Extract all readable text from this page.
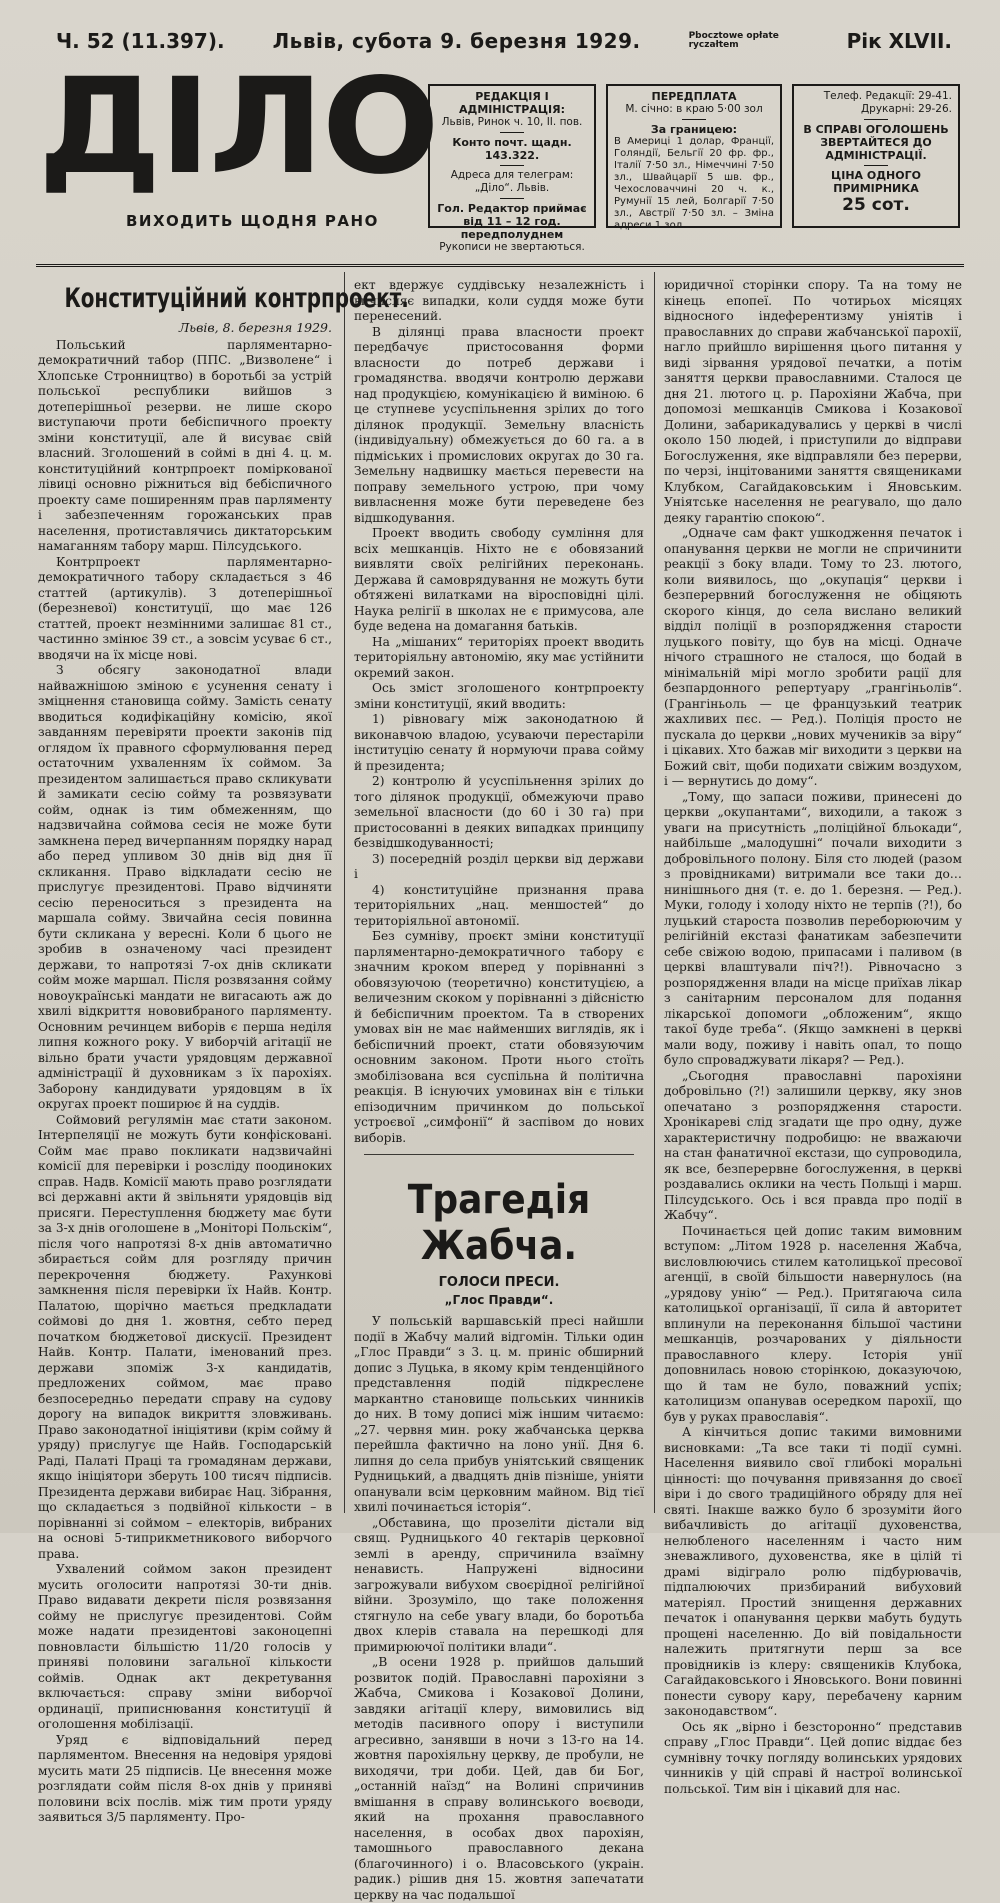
Ч. 52 (11.397). Львів, субота 9. березня 1929.	Pbocztowe opłate ryczałtem	Рік XLVII.
ДІЛО
ВИХОДИТЬ ЩОДНЯ РАНО
РЕДАКЦІЯ І АДМІНІСТРАЦІЯ:
Львів, Ринок ч. 10, II. пов.
Конто почт. щадн. 143.322.
Адреса для телеграм: „Діло“. Львів.
Гол. Редактор приймає від 11 – 12 год. передполуднем
Рукописи не звертаються.
ПЕРЕДПЛАТА
М. січно: в краю 5·00 зол
За границею:
В Америці 1 долар, Франції, Голяндії, Бельгії 20 фр. фр., Італії 7·50 зл., Німеччині 7·50 зл., Швайцарії 5 шв. фр., Чехословаччині 20 ч. к., Румунії 15 лей, Болгарії 7·50 зл., Австрії 7·50 зл. – Зміна адреси 1 зол.
Телеф. Редакції: 29-41.
Друкарні: 29-26.
В СПРАВІ ОГОЛОШЕНЬ ЗВЕРТАЙТЕСЯ ДО АДМІНІСТРАЦІЇ.
ЦІНА ОДНОГО ПРИМІРНИКА
25 сот.
Конституційний контрпроект.
Львів, 8. березня 1929.

Польський парляментарно-демократичний табор (ППС. „Визволене“ і Хлопське Стронництво) в боротьбі за устрій польської республики вийшов з дотеперішньої резерви. не лише скоро виступаючи проти бебіспичного проекту зміни конституції, але й висуває свій власний. Зголошений в соймі в дні 4. ц. м. конституційний контрпроект поміркованої лівиці основно ріжниться від бебіспичного проекту саме поширенням прав парляменту і забезпеченням горожанських прав населення, протиставлячись диктаторським намаганням табору марш. Пілсудського.

Контрпроект парляментарно-демократичного табору складається з 46 статтей (артикулів). З дотеперішньої (березневої) конституції, що має 126 статтей, проект незмінними залишає 81 ст., частинно змінює 39 ст., а зовсім усуває 6 ст., вводячи на їх місце нові.

З обсягу законодатної влади найважнішою зміною є усунення сенату і зміцнення становища сойму. Замість сенату вводиться кодифікаційну комісію, якої завданням перевіряти проекти законів під оглядом їх правного сформулювання перед остаточним ухваленням їх соймом. За президентом залишається право скликувати й замикати сесію сойму та розвязувати сойм, однак із тим обмеженням, що надзвичайна соймова сесія не може бути замкнена перед вичерпанням порядку нарад або перед упливом 30 днів від дня її скликання. Право відкладати сесію не прислугує президентові. Право відчиняти сесію переноситься з президента на маршала сойму. Звичайна сесія повинна бути скликана у вересні. Коли б цього не зробив в означеному часі президент держави, то напротязі 7-ох днів скликати сойм може маршал. Після розвязання сойму новоукраїнські мандати не вигасають аж до хвилі відкриття нововибраного парляменту. Основним речинцем виборів є перша неділя липня кожного року. У виборчій агітації не вільно брати участи урядовцям державної адміністрації й духовникам з їх парохіях. Заборону кандидувати урядовцям в їх округах проект поширює й на суддів.

Соймовий регулямін має стати законом. Інтерпеляції не можуть бути конфіскованi. Сойм має право покликати надзвичайні комісії для перевірки і розсліду поодиноких справ. Надв. Комісії мають право розглядати всі державні акти й звільняти урядовців від присяги. Переступлення бюджету має бути за 3-х днів оголошене в „Моніторі Польскім“, після чого напротязі 8-х днів автоматично збирається сойм для розгляду причин перекрочення бюджету. Рахункові замкнення після перевірки їх Найв. Контр. Палатою, щорічно мається предкладати соймові до дня 1. жовтня, себто перед початком бюджетової дискусії. Президент Найв. Контр. Палати, іменований през. держави зпоміж 3-х кандидатів, предложених соймом, має право безпосередньо передати справу на судову дорогу на випадок викриття зловживань. Право законодатної ініціятиви (крім сойму й уряду) прислугує ще Найв. Господарській Раді, Палаті Праці та громадянам держави, якщо ініціятори зберуть 100 тисяч підписів. Президента держави вибирає Нац. Зібрання, що складається з подвійної кількости – в порівнанні зі соймом – електорів, вибраних на основі 5-типрикметникового виборчого права.

Ухвалений соймом закон президент мусить оголосити напротязі 30-ти днів. Право видавати декрети після розвязання сойму не прислугує президентові. Сойм може надати президентові законоцепні повновласти більшістю 11/20 голосів у приняві половини загальної кількости соймів. Однак акт декретування включається: справу зміни виборчої ординації, приписнювання конституції й оголошення мобілізації.

Уряд є відповідальний перед парляментом. Внесення на недовіря урядові мусить мати 25 підписів. Це внесення може розглядати сойм після 8-ох днів у приняві половини всіх послів. між тим проти уряду заявиться 3/5 парляменту. Про-

ект вдержує суддівську незалежність і вичисляє випадки, коли суддя може бути перенесений.

В ділянці права власности проект передбачує пристосовання форми власности до потреб держави і громадянства. вводячи контролю держави над продукцією, комунікацією й виміною. 6 це ступневе усуспільнення зрілих до того ділянок продукції. Земельну власність (індивідуальну) обмежується до 60 га. а в підміських і промислових округах до 30 га. Земельну надвишку мається перевести на поправу земельного устрою, при чому вивласнення може бути переведене без відшкодування.

Проект вводить свободу сумління для всіх мешканців. Ніхто не є обовязаний виявляти своїх релігійних переконань. Держава й самоврядування не можуть бути обтяжені вилатками на віросповідні цілі. Наука релігії в школах не є примусова, але буде ведена на домагання батьків.

На „мішаних“ територіях проект вводить територіяльну автономію, яку має устійнити окремий закон.

Ось зміст зголошеного контрпроекту зміни конституції, який вводить:

1) рівновагу між законодатною й виконавчою владою, усуваючи перестаріли інституцію сенату й нормуючи права сойму й президента;

2) контролю й усуспільнення зрілих до того ділянок продукції, обмежуючи право земельної власности (до 60 і 30 га) при пристосованні в деяких випадках принципу безвідшкодуванності;

3) посередній розділ церкви від держави і

4) конституційне признання права територіяльних „нац. меншостей“ до територіяльної автономії.

Без сумніву, проєкт зміни конституції парляментарно-демократичного табору є значним кроком вперед у порівнанні з обовязуючою (теоретично) конституцією, а величезним скоком у порівнанні з дійсністю й бебіспичним проектом. Та в створених умовах він не має найменших виглядів, як і бебіспичний проект, стати обовязуючим основним законом. Проти нього стоїть змобілізована вся суспільна й політична реакція. В існуючих умовинах він є тільки епізодичним причинком до польської устроєвої „симфонії“ й заспівом до нових виборів.

Трагедія Жабча.
ГОЛОСИ ПРЕСИ.
„Глос Правди“.

У польській варшавській пресі найшли події в Жабчу малий відгомін. Тільки один „Глос Правди“ з 3. ц. м. приніс обширний допис з Луцька, в якому крім тенденційного представлення подій підкреслене маркантно становище польських чинників до них. В тому дописі між іншим читаємо: „27. червня мин. року жабчанська церква перейшла фактично на лоно унії. Дня 6. липня до села прибув уніятський священик Рудницький, а двадцять днів пізніше, уніяти опанували всім церковним майном. Від тієї хвилі починається історія“.

„Обставина, що прозеліти дістали від свящ. Рудницького 40 гектарів церковної землі в аренду, спричинила взаїмну ненависть. Напружені відносини загрожували вибухом своєрідної релігійної війни. Зрозуміло, що таке положення стягнуло на себе увагу влади, бо боротьба двох клерів ставала на перешкоді для примирюючої політики влади“.

„В осени 1928 р. прийшов дальший розвиток подій. Православні парохіяни з Жабча, Смикова і Козакової Долини, завдяки агітації клеру, вимовились від методів пасивного опору і виступили агресивно, занявши в ночи з 13-го на 14. жовтня парохіяльну церкву, де пробули, не виходячи, три доби. Цей, дав би Бог, „останній наїзд“ на Волині спричинив вмішання в справу волинського воєводи, який на прохання православного населення, в особах двох парохіян, тамошнього православного декана (благочинного) і о. Власовського (украін. радик.) рішив дня 15. жовтня запечатати церкву на час подальшої

юридичної сторінки спору. Та на тому не кінець епопеї. По чотирьох місяцях відносного індеферентизму уніятів і православних до справи жабчанської парохії, нагло прийшло вирішення цього питання у виді зірвання урядової печатки, а потім заняття церкви православними. Сталося це дня 21. лютого ц. р. Парохіяни Жабча, при допомозі мешканців Смикова і Козакової Долини, забарикадувались у церкві в числі около 150 людей, і приступили до відправи Богослуження, яке відправляли без перерви, по черзі, інцітованими заняття священиками Клубком, Сагайдаковським і Яновським. Уніятське населення не реагувало, що дало деяку гарантію спокою“.

„Одначе сам факт ушкодження печаток і опанування церкви не могли не спричинити реакції з боку влади. Тому то 23. лютого, коли виявилось, що „окупація“ церкви і безперервний богослуження не обіцяють скорого кінця, до села вислано великий відділ поліції в розпорядження старости луцького повіту, що був на місці. Одначе нічого страшного не сталося, що бодай в мінімальній мірі могло зробити рації для безпардонного репертуару „грангіньолів“. (Грангіньоль — це французький театрик жахливих пєс. — Ред.). Поліція просто не пускала до церкви „нових мучеників за віру“ і цікавих. Хто бажав міг виходити з церкви на Божий світ, щоби подихати свіжим воздухом, і — вернутись до дому“.

„Тому, що запаси поживи, принесені до церкви „окупантами“, виходили, а також з уваги на присутність „поліційної бльокади“, найбільше „малодушні“ почали виходити з добровільного полону. Біля сто людей (разом з провідниками) витримали все таки до… нинішнього дня (т. е. до 1. березня. — Ред.). Муки, голоду і холоду ніхто не терпів (?!), бо луцький староста позволив переборюючим у релігійній екстазі фанатикам забезпечити себе свіжою водою, припасами і паливом (в церкві влаштували піч?!). Рівночасно з розпорядження влади на місце приїхав лікар з санітарним персоналом для подання лікарської допомоги „обложеним“, якщо такої буде треба“. (Якщо замкнені в церкві мали воду, поживу і навіть опал, то пощо було спроваджувати лікаря? — Ред.).

„Сьогодня православні парохіяни добровільно (?!) залишили церкву, яку знов опечатано з розпорядження старости. Хронікареві слід згадати ще про одну, дуже характеристичну подробицю: не вважаючи на стан фанатичної екстази, що супроводила, як все, безперервне богослуження, в церкві роздавались оклики на честь Польщі і марш. Пілсудського. Ось і вся правда про події в Жабчу“.

Починається цей допис таким вимовним вступом: „Літом 1928 р. населення Жабча, висловлюючись стилем католицької пресової агенції, в своїй більшости навернулось (на „урядову унію“ — Ред.). Притягаюча сила католицької організації, її сила й авторитет вплинули на переконання більшої частини мешканців, розчарованих у діяльности православного клеру. Історія унії доповнилась новою сторінкою, доказуючою, що й там не було, поважний успіх; католицизм опанував осередком парохії, що був у руках православія“.

А кінчиться допис такими вимовними висновками: „Та все таки ті події сумні. Населення виявило свої глибокі моральні цінності: що почування привязання до своєї віри і до свого традиційного обряду для неї святі. Інакше важко було б зрозуміти його вибачливість до агітації духовенства, нелюбленого населенням і часто ним зневажливого, духовенства, яке в цілій ті драмі відіграло ролю підбурювачів, підпалюючих призбираний вибуховий матеріял. Простий знищення державних печаток і опанування церкви мабуть будуть прощені населенню. До вій повідальности належить притягнути перш за все провідників із клеру: священиків Клубока, Сагайдаковського і Яновського. Вони повинні понести сувору кару, перебачену карним законодавством“.

Ось як „вірно і безсторонно“ представив справу „Глос Правди“. Цей допис віддає без сумнівну точку погляду волинських урядових чинників у цій справі й настрої волинської польської. Тим він і цікавий для нас.
